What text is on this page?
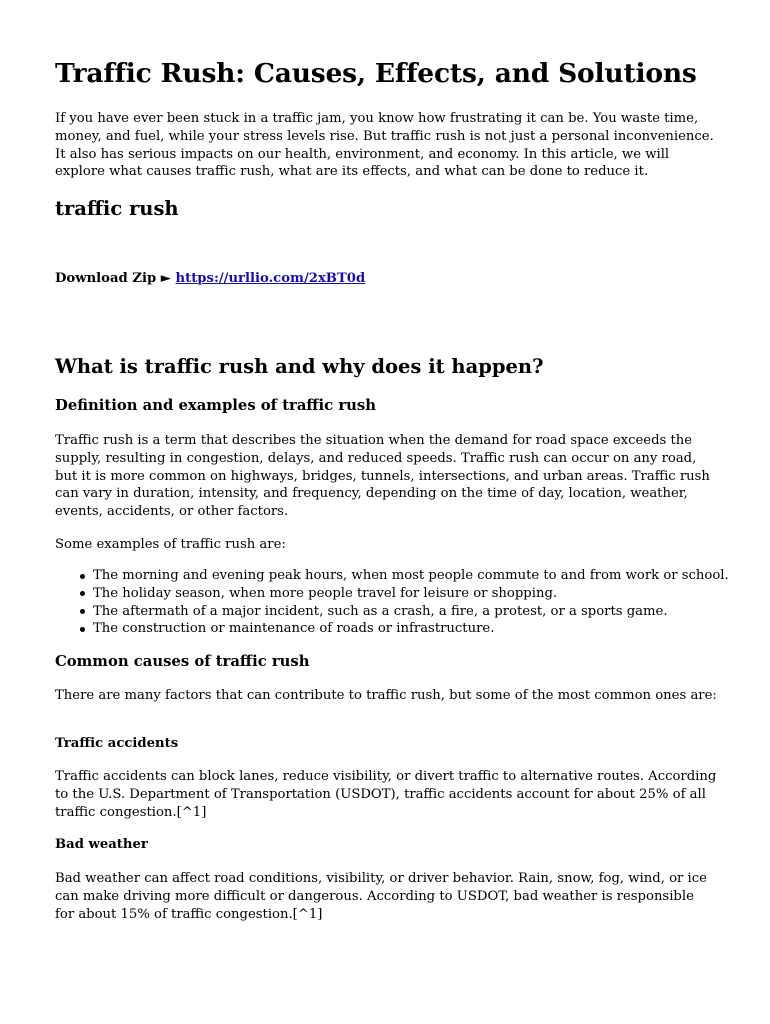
Traffic Rush: Causes, Effects, and Solutions

If you have ever been stuck in a traffic jam, you know how frustrating it can be. You waste time, money, and fuel, while your stress levels rise. But traffic rush is not just a personal inconvenience. It also has serious impacts on our health, environment, and economy. In this article, we will explore what causes traffic rush, what are its effects, and what can be done to reduce it.

traffic rush
Download Zip ► https://urllio.com/2xBT0d
What is traffic rush and why does it happen?
Definition and examples of traffic rush

Traffic rush is a term that describes the situation when the demand for road space exceeds the supply, resulting in congestion, delays, and reduced speeds. Traffic rush can occur on any road, but it is more common on highways, bridges, tunnels, intersections, and urban areas. Traffic rush can vary in duration, intensity, and frequency, depending on the time of day, location, weather, events, accidents, or other factors.

Some examples of traffic rush are:

The morning and evening peak hours, when most people commute to and from work or school.
The holiday season, when more people travel for leisure or shopping.
The aftermath of a major incident, such as a crash, a fire, a protest, or a sports game.
The construction or maintenance of roads or infrastructure.
Common causes of traffic rush

There are many factors that can contribute to traffic rush, but some of the most common ones are:

Traffic accidents

Traffic accidents can block lanes, reduce visibility, or divert traffic to alternative routes. According to the U.S. Department of Transportation (USDOT), traffic accidents account for about 25% of all traffic congestion.[^1]

Bad weather

Bad weather can affect road conditions, visibility, or driver behavior. Rain, snow, fog, wind, or ice can make driving more difficult or dangerous. According to USDOT, bad weather is responsible for about 15% of traffic congestion.[^1]
